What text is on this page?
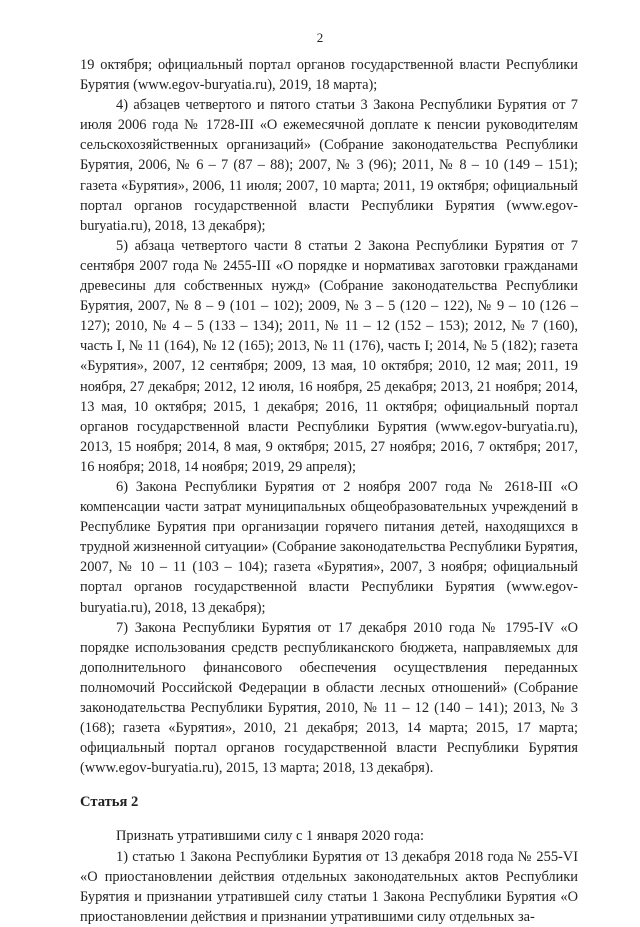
2

19 октября; официальный портал органов государственной власти Республики Бурятия (www.egov-buryatia.ru), 2019, 18 марта);

4) абзацев четвертого и пятого статьи 3 Закона Республики Бурятия от 7 июля 2006 года № 1728-III «О ежемесячной доплате к пенсии руководителям сельскохозяйственных организаций» (Собрание законодательства Республики Бурятия, 2006, № 6 – 7 (87 – 88); 2007, № 3 (96); 2011, № 8 – 10 (149 – 151); газета «Бурятия», 2006, 11 июля; 2007, 10 марта; 2011, 19 октября; официальный портал органов государственной власти Республики Бурятия (www.egov-buryatia.ru), 2018, 13 декабря);

5) абзаца четвертого части 8 статьи 2 Закона Республики Бурятия от 7 сентября 2007 года № 2455-III «О порядке и нормативах заготовки гражданами древесины для собственных нужд» (Собрание законодательства Республики Бурятия, 2007, № 8 – 9 (101 – 102); 2009, № 3 – 5 (120 – 122), № 9 – 10 (126 – 127); 2010, № 4 – 5 (133 – 134); 2011, № 11 – 12 (152 – 153); 2012, № 7 (160), часть I, № 11 (164), № 12 (165); 2013, № 11 (176), часть I; 2014, № 5 (182); газета «Бурятия», 2007, 12 сентября; 2009, 13 мая, 10 октября; 2010, 12 мая; 2011, 19 ноября, 27 декабря; 2012, 12 июля, 16 ноября, 25 декабря; 2013, 21 ноября; 2014, 13 мая, 10 октября; 2015, 1 декабря; 2016, 11 октября; официальный портал органов государственной власти Республики Бурятия (www.egov-buryatia.ru), 2013, 15 ноября; 2014, 8 мая, 9 октября; 2015, 27 ноября; 2016, 7 октября; 2017, 16 ноября; 2018, 14 ноября; 2019, 29 апреля);

6) Закона Республики Бурятия от 2 ноября 2007 года № 2618-III «О компенсации части затрат муниципальных общеобразовательных учреждений в Республике Бурятия при организации горячего питания детей, находящихся в трудной жизненной ситуации» (Собрание законодательства Республики Бурятия, 2007, № 10 – 11 (103 – 104); газета «Бурятия», 2007, 3 ноября; официальный портал органов государственной власти Республики Бурятия (www.egov-buryatia.ru), 2018, 13 декабря);

7) Закона Республики Бурятия от 17 декабря 2010 года № 1795-IV «О порядке использования средств республиканского бюджета, направляемых для дополнительного финансового обеспечения осуществления переданных полномочий Российской Федерации в области лесных отношений» (Собрание законодательства Республики Бурятия, 2010, № 11 – 12 (140 – 141); 2013, № 3 (168); газета «Бурятия», 2010, 21 декабря; 2013, 14 марта; 2015, 17 марта; официальный портал органов государственной власти Республики Бурятия (www.egov-buryatia.ru), 2015, 13 марта; 2018, 13 декабря).

Статья 2

Признать утратившими силу с 1 января 2020 года:

1) статью 1 Закона Республики Бурятия от 13 декабря 2018 года № 255-VI «О приостановлении действия отдельных законодательных актов Республики Бурятия и признании утратившей силу статьи 1 Закона Республики Бурятия «О приостановлении действия и признании утратившими силу отдельных за-
